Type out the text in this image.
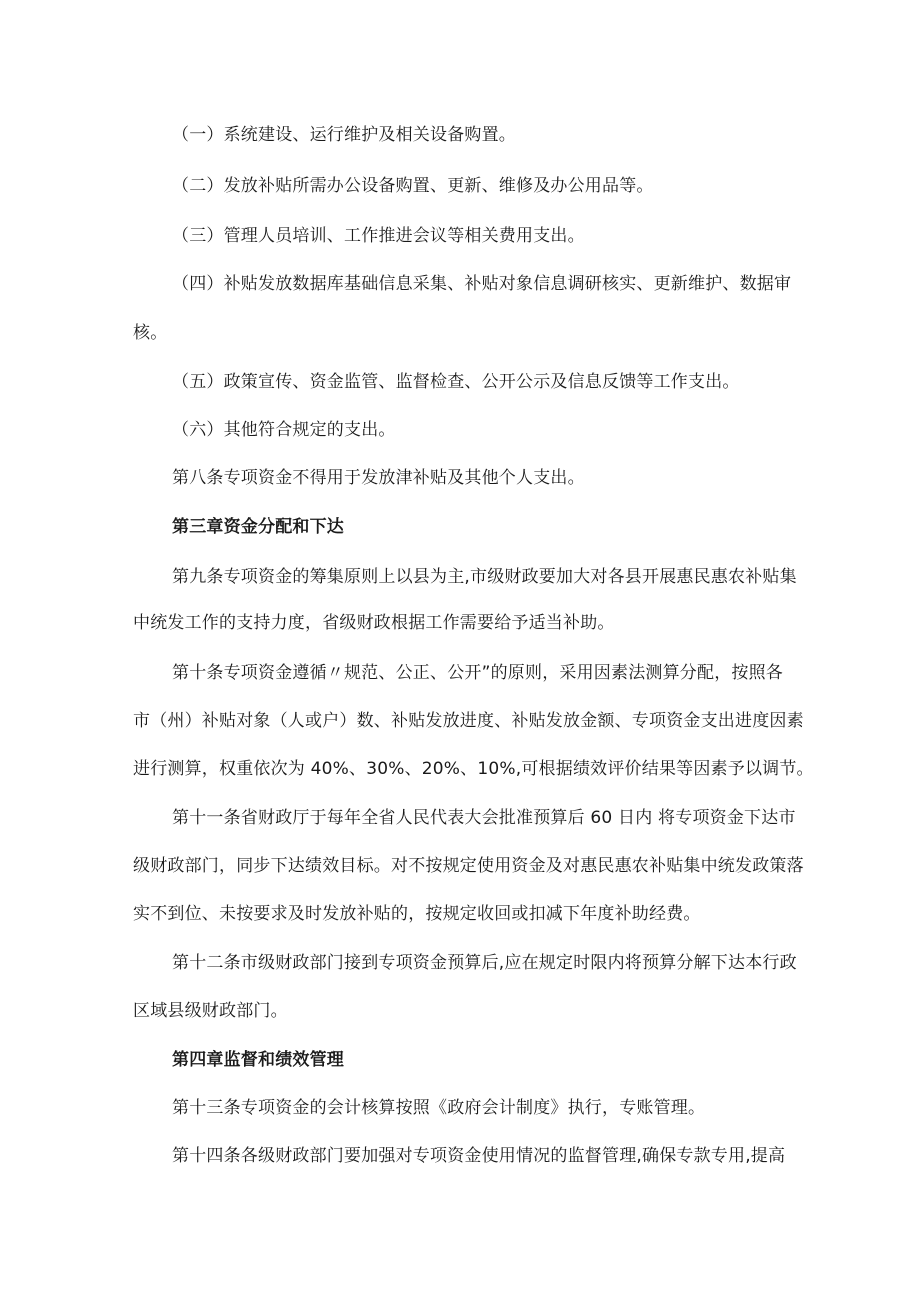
（一）系统建设、运行维护及相关设备购置。

（二）发放补贴所需办公设备购置、更新、维修及办公用品等。

（三）管理人员培训、工作推进会议等相关费用支出。

（四）补贴发放数据库基础信息采集、补贴对象信息调研核实、更新维护、数据审

核。

（五）政策宣传、资金监管、监督检查、公开公示及信息反馈等工作支出。

（六）其他符合规定的支出。

第八条专项资金不得用于发放津补贴及其他个人支出。

第三章资金分配和下达

第九条专项资金的筹集原则上以县为主,市级财政要加大对各县开展惠民惠农补贴集

中统发工作的支持力度，省级财政根据工作需要给予适当补助。

第十条专项资金遵循〃规范、公正、公开”的原则，采用因素法测算分配，按照各

市（州）补贴对象（人或户）数、补贴发放进度、补贴发放金额、专项资金支出进度因素

进行测算，权重依次为 40%、30%、20%、10%,可根据绩效评价结果等因素予以调节。

第十一条省财政厅于每年全省人民代表大会批准预算后 60 日内 将专项资金下达市

级财政部门，同步下达绩效目标。对不按规定使用资金及对惠民惠农补贴集中统发政策落

实不到位、未按要求及时发放补贴的，按规定收回或扣减下年度补助经费。

第十二条市级财政部门接到专项资金预算后,应在规定时限内将预算分解下达本行政

区域县级财政部门。

第四章监督和绩效管理

第十三条专项资金的会计核算按照《政府会计制度》执行，专账管理。

第十四条各级财政部门要加强对专项资金使用情况的监督管理,确保专款专用,提高
